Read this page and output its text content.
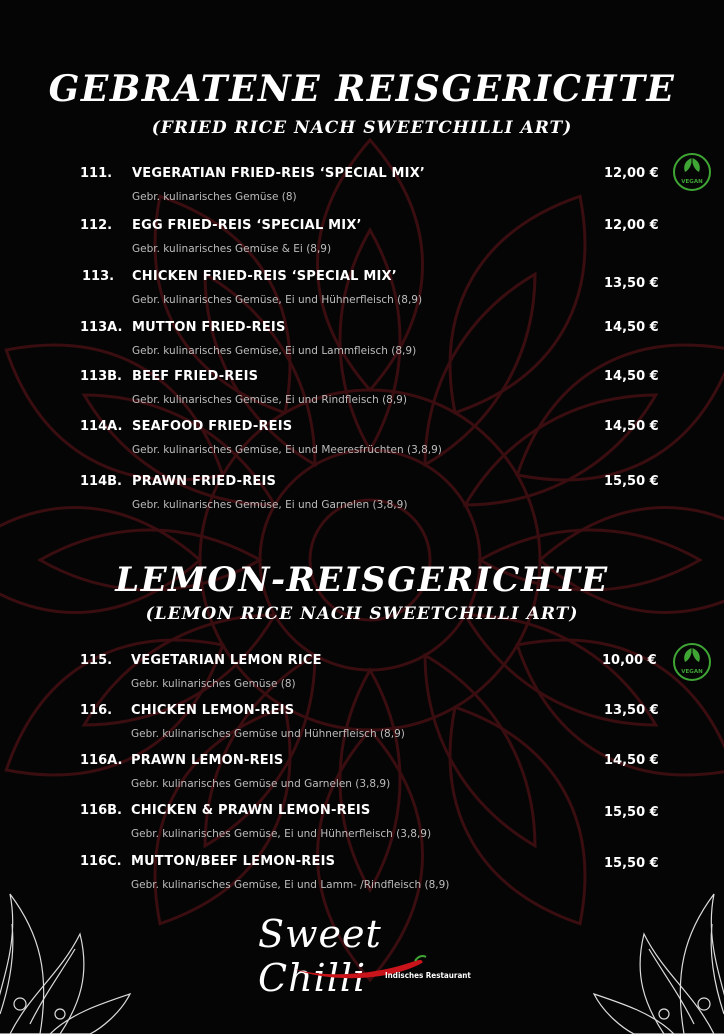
GEBRATENE REISGERICHTE
(FRIED RICE NACH SWEETCHILLI ART)
111. VEGERATIAN FRIED-REIS ‘SPECIAL MIX’
Gebr. kulinarisches Gemüse (8)
12,00 €
112. EGG FRIED-REIS ‘SPECIAL MIX’
Gebr. kulinarisches Gemüse & Ei (8,9)
12,00 €
113. CHICKEN FRIED-REIS ‘SPECIAL MIX’
Gebr. kulinarisches Gemüse, Ei und Hühnerfleisch (8,9)
13,50 €
113A. MUTTON FRIED-REIS
Gebr. kulinarisches Gemüse, Ei und Lammfleisch (8,9)
14,50 €
113B. BEEF FRIED-REIS
Gebr. kulinarisches Gemüse, Ei und Rindfleisch (8,9)
14,50 €
114A. SEAFOOD FRIED-REIS
Gebr. kulinarisches Gemüse, Ei und Meeresfrüchten (3,8,9)
14,50 €
114B. PRAWN FRIED-REIS
Gebr. kulinarisches Gemüse, Ei und Garnelen (3,8,9)
15,50 €
LEMON-REISGERICHTE
(LEMON RICE NACH SWEETCHILLI ART)
115. VEGETARIAN LEMON RICE
Gebr. kulinarisches Gemüse (8)
10,00 €
116. CHICKEN LEMON-REIS
Gebr. kulinarisches Gemüse und Hühnerfleisch (8,9)
13,50 €
116A. PRAWN LEMON-REIS
Gebr. kulinarisches Gemüse und Garnelen (3,8,9)
14,50 €
116B. CHICKEN & PRAWN LEMON-REIS
Gebr. kulinarisches Gemüse, Ei und Hühnerfleisch (3,8,9)
15,50 €
116C. MUTTON/BEEF LEMON-REIS
Gebr. kulinarisches Gemüse, Ei und Lamm- /Rindfleisch (8,9)
15,50 €
VEGAN
VEGAN
Sweet Chilli	Indisches Restaurant
